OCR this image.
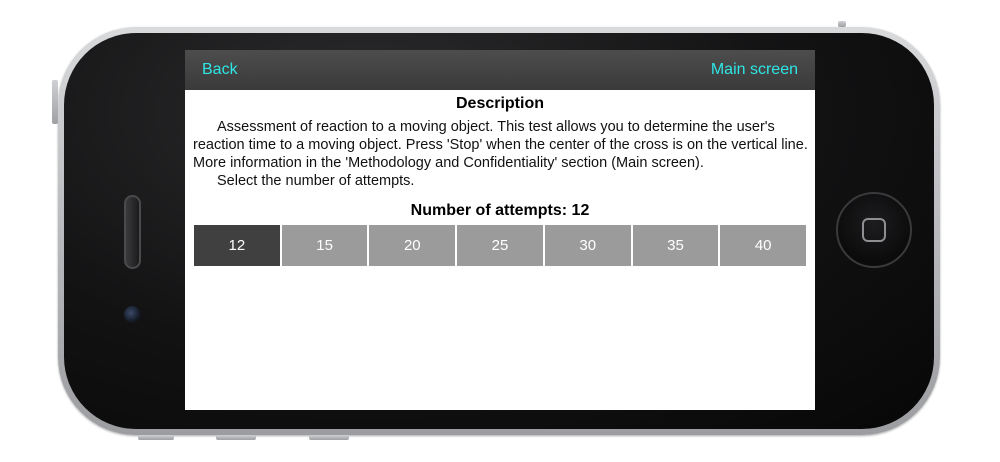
Back	Main screen
Description

Assessment of reaction to a moving object. This test allows you to determine the user's reaction time to a moving object. Press 'Stop' when the center of the cross is on the vertical line. More information in the 'Methodology and Confidentiality' section (Main screen).

Select the number of attempts.

Number of attempts: 12
12	15	20	25	30	35	40
